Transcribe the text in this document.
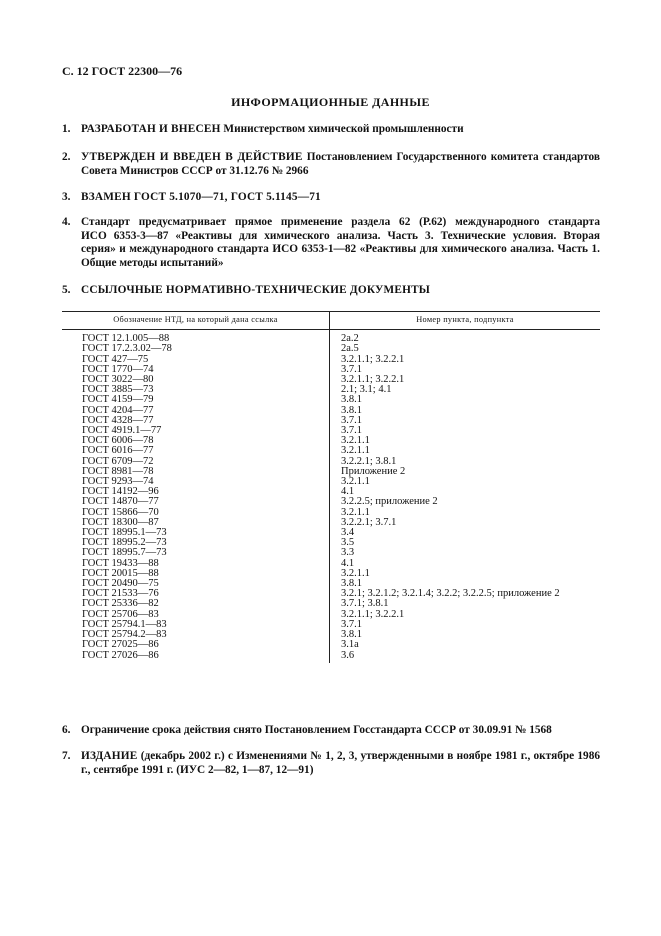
С. 12 ГОСТ 22300—76
ИНФОРМАЦИОННЫЕ ДАННЫЕ
1. РАЗРАБОТАН И ВНЕСЕН Министерством химической промышленности
2. УТВЕРЖДЕН И ВВЕДЕН В ДЕЙСТВИЕ Постановлением Государственного комитета стандартов Совета Министров СССР от 31.12.76 № 2966
3. ВЗАМЕН ГОСТ 5.1070—71, ГОСТ 5.1145—71
4. Стандарт предусматривает прямое применение раздела 62 (Р.62) международного стандарта
ИСО 6353-3—87 «Реактивы для химического анализа. Часть 3. Технические условия. Вторая
серия» и международного стандарта ИСО 6353-1—82 «Реактивы для химического анализа. Часть 1.
Общие методы испытаний»
5. ССЫЛОЧНЫЕ НОРМАТИВНО-ТЕХНИЧЕСКИЕ ДОКУМЕНТЫ
Обозначение НТД, на который дана ссылка	Номер пункта, подпункта
ГОСТ 12.1.005—88	2а.2
ГОСТ 17.2.3.02—78	2а.5
ГОСТ 427—75	3.2.1.1; 3.2.2.1
ГОСТ 1770—74	3.7.1
ГОСТ 3022—80	3.2.1.1; 3.2.2.1
ГОСТ 3885—73	2.1; 3.1; 4.1
ГОСТ 4159—79	3.8.1
ГОСТ 4204—77	3.8.1
ГОСТ 4328—77	3.7.1
ГОСТ 4919.1—77	3.7.1
ГОСТ 6006—78	3.2.1.1
ГОСТ 6016—77	3.2.1.1
ГОСТ 6709—72	3.2.2.1; 3.8.1
ГОСТ 8981—78	Приложение 2
ГОСТ 9293—74	3.2.1.1
ГОСТ 14192—96	4.1
ГОСТ 14870—77	3.2.2.5; приложение 2
ГОСТ 15866—70	3.2.1.1
ГОСТ 18300—87	3.2.2.1; 3.7.1
ГОСТ 18995.1—73	3.4
ГОСТ 18995.2—73	3.5
ГОСТ 18995.7—73	3.3
ГОСТ 19433—88	4.1
ГОСТ 20015—88	3.2.1.1
ГОСТ 20490—75	3.8.1
ГОСТ 21533—76	3.2.1; 3.2.1.2; 3.2.1.4; 3.2.2; 3.2.2.5; приложение 2
ГОСТ 25336—82	3.7.1; 3.8.1
ГОСТ 25706—83	3.2.1.1; 3.2.2.1
ГОСТ 25794.1—83	3.7.1
ГОСТ 25794.2—83	3.8.1
ГОСТ 27025—86	3.1а
ГОСТ 27026—86	3.6
6. Ограничение срока действия снято Постановлением Госстандарта СССР от 30.09.91 № 1568
7. ИЗДАНИЕ (декабрь 2002 г.) с Изменениями № 1, 2, 3, утвержденными в ноябре 1981 г., октябре 1986 г., сентябре 1991 г. (ИУС 2—82, 1—87, 12—91)
